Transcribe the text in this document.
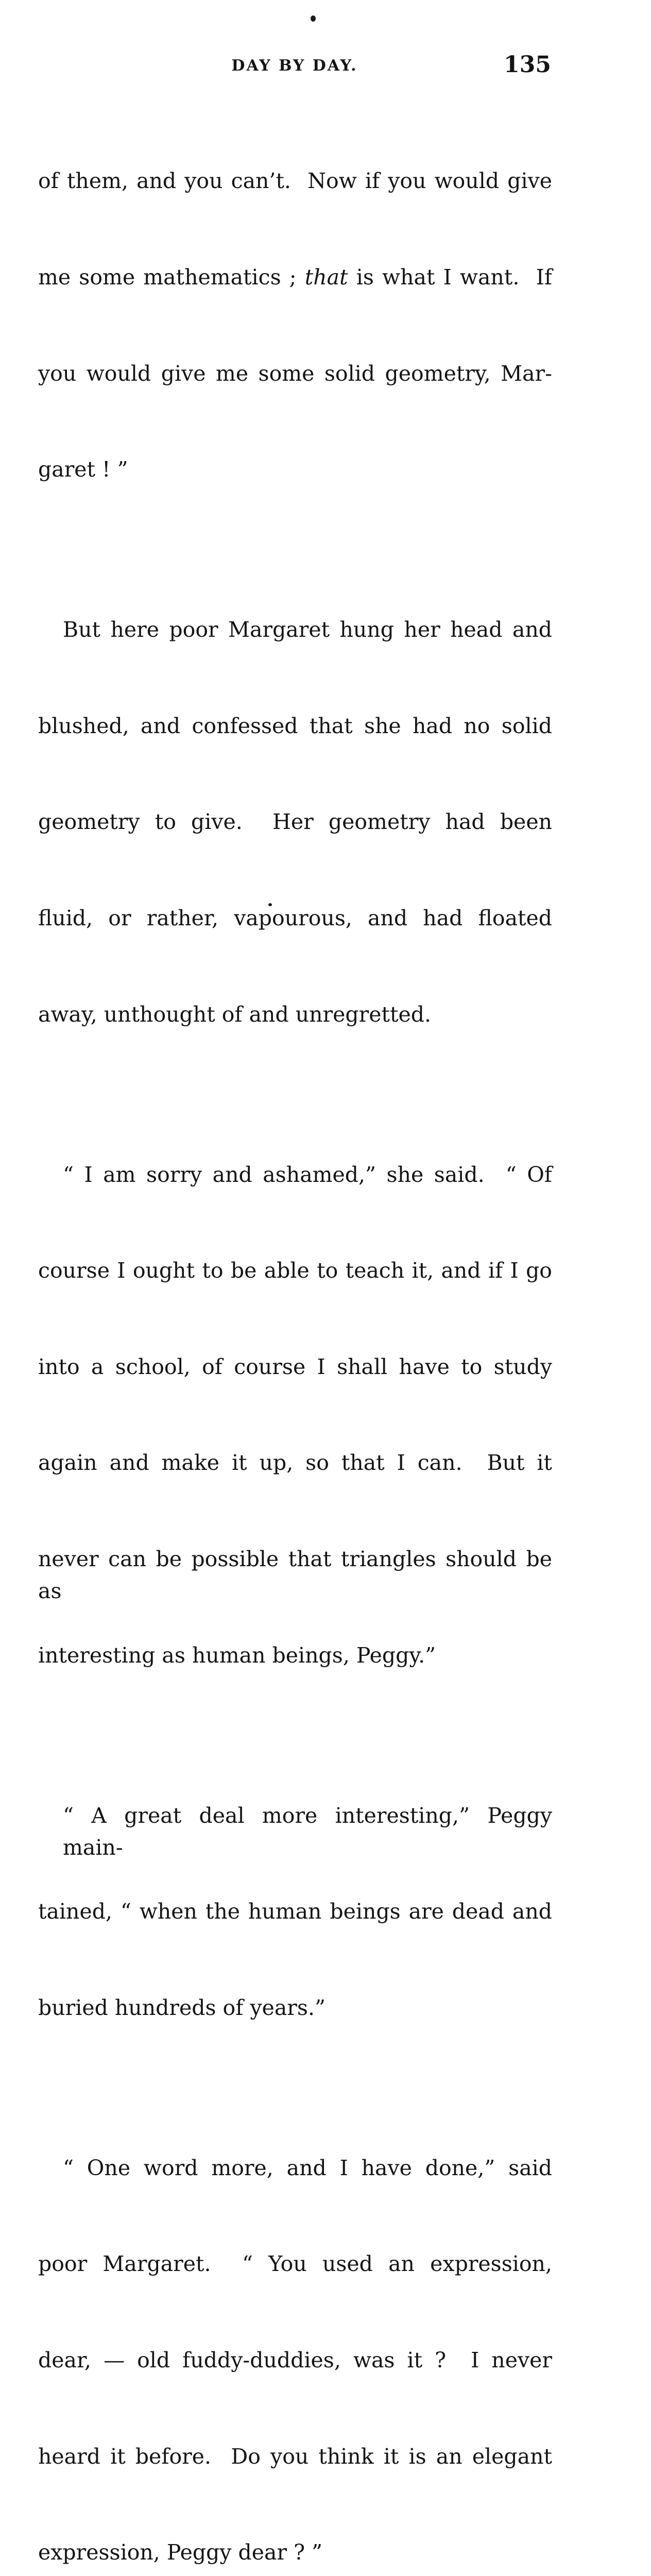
DAY BY DAY.	135

of them, and you can’t.  Now if you would give

me some mathematics ; that is what I want.  If

you would give me some solid geometry, Mar-

garet ! ”

But here poor Margaret hung her head and

blushed, and confessed that she had no solid

geometry to give.  Her geometry had been

fluid, or rather, vapourous, and had floated

away, unthought of and unregretted.

“ I am sorry and ashamed,” she said.  “ Of

course I ought to be able to teach it, and if I go

into a school, of course I shall have to study

again and make it up, so that I can.  But it

never can be possible that triangles should be as

interesting as human beings, Peggy.”

“ A great deal more interesting,” Peggy main-

tained, “ when the human beings are dead and

buried hundreds of years.”

“ One word more, and I have done,” said

poor Margaret.  “ You used an expression,

dear, — old fuddy-duddies, was it ?  I never

heard it before.  Do you think it is an elegant

expression, Peggy dear ? ”
